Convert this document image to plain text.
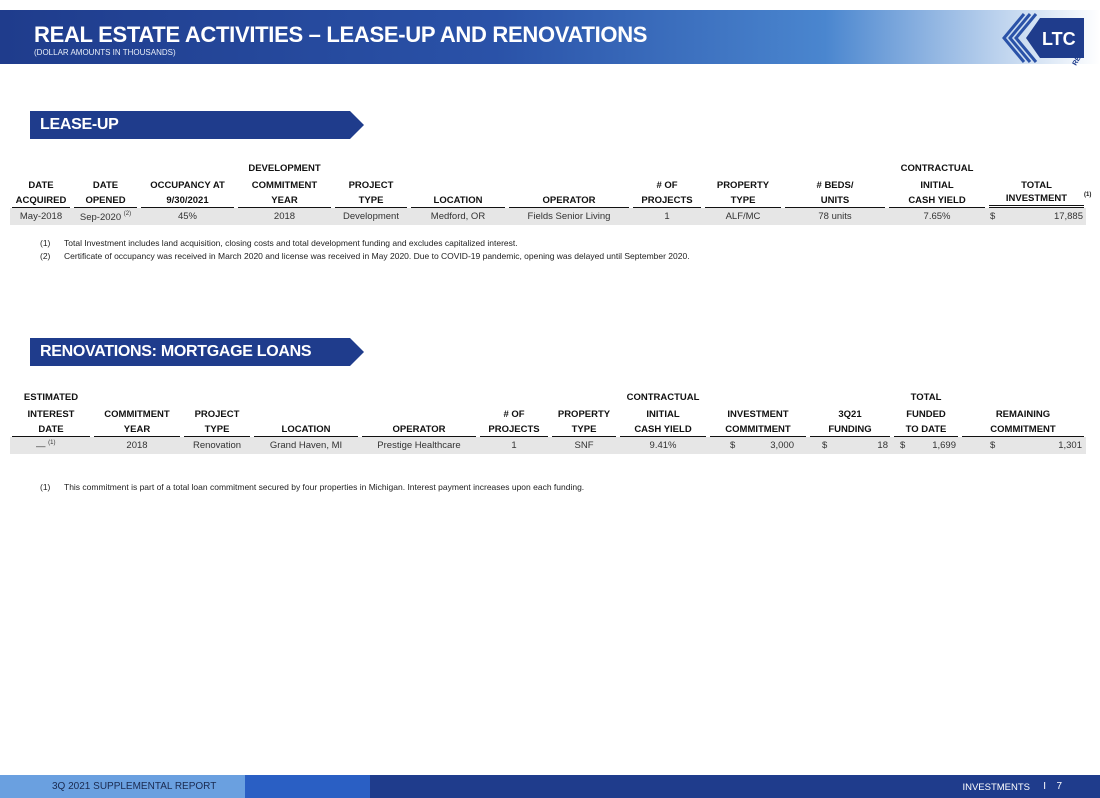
REAL ESTATE ACTIVITIES – LEASE-UP AND RENOVATIONS
(DOLLAR AMOUNTS IN THOUSANDS)
LTC
REIT
LEASE-UP
			DEVELOPMENT							CONTRACTUAL	
DATE	DATE	OCCUPANCY AT	COMMITMENT	PROJECT			# OF	PROPERTY	# BEDS/	INITIAL	TOTAL
ACQUIRED	OPENED	9/30/2021	YEAR	TYPE	LOCATION	OPERATOR	PROJECTS	TYPE	UNITS	CASH YIELD	INVESTMENT $^{(1)}$
May-2018	Sep-2020 $^{(2)}$	45%	2018	Development	Medford, OR	Fields Senior Living	1	ALF/MC	78 units	7.65%	$ 17,885
(1) Total Investment includes land acquisition, closing costs and total development funding and excludes capitalized interest.
(2) Certificate of occupancy was received in March 2020 and license was received in May 2020. Due to COVID-19 pandemic, opening was delayed until September 2020.
RENOVATIONS: MORTGAGE LOANS
ESTIMATED							CONTRACTUAL			TOTAL	
INTEREST	COMMITMENT	PROJECT			# OF	PROPERTY	INITIAL	INVESTMENT	3Q21	FUNDED	REMAINING
DATE	YEAR	TYPE	LOCATION	OPERATOR	PROJECTS	TYPE	CASH YIELD	COMMITMENT	FUNDING	TO DATE	COMMITMENT
— $^{(1)}$	2018	Renovation	Grand Haven, MI	Prestige Healthcare	1	SNF	9.41%	$ 3,000	$ 18	$ 1,699	$ 1,301
(1) This commitment is part of a total loan commitment secured by four properties in Michigan. Interest payment increases upon each funding.
3Q 2021 SUPPLEMENTAL REPORT	INVESTMENTS I 7
